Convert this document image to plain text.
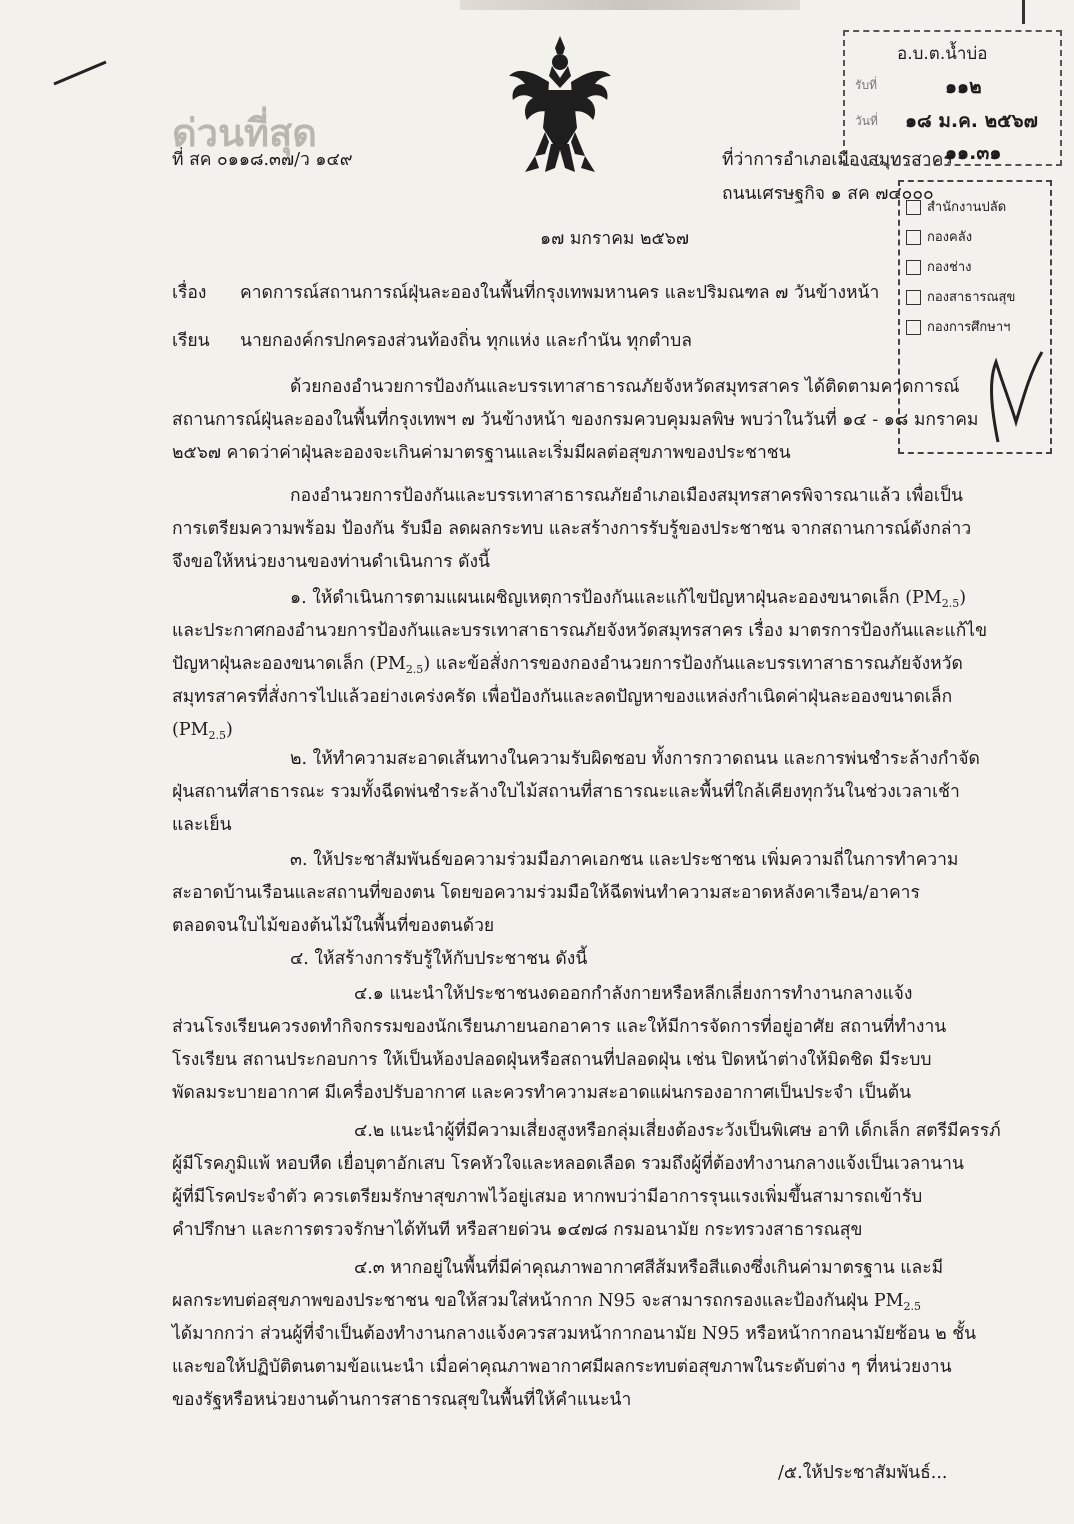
ด่วนที่สุด
ที่ สค ๐๑๑๘.๓๗/ว ๑๔๙	ที่ว่าการอำเภอเมืองสมุทรสาคร
ถนนเศรษฐกิจ ๑ สค ๗๔๐๐๐
๑๗ มกราคม ๒๕๖๗
อ.บ.ต.น้ำบ่อ
รับที่	๑๑๒
วันที่ ๑๘ ม.ค. ๒๕๖๗
๑๑.๓๑
สำนักงานปลัด
กองคลัง
กองช่าง
กองสาธารณสุข
กองการศึกษาฯ
เรื่อง คาดการณ์สถานการณ์ฝุ่นละอองในพื้นที่กรุงเทพมหานคร และปริมณฑล ๗ วันข้างหน้า
เรียน นายกองค์กรปกครองส่วนท้องถิ่น ทุกแห่ง และกำนัน ทุกตำบล
ด้วยกองอำนวยการป้องกันและบรรเทาสาธารณภัยจังหวัดสมุทรสาคร ได้ติดตามคาดการณ์
สถานการณ์ฝุ่นละอองในพื้นที่กรุงเทพฯ ๗ วันข้างหน้า ของกรมควบคุมมลพิษ พบว่าในวันที่ ๑๔ - ๑๘ มกราคม
๒๕๖๗ คาดว่าค่าฝุ่นละอองจะเกินค่ามาตรฐานและเริ่มมีผลต่อสุขภาพของประชาชน
กองอำนวยการป้องกันและบรรเทาสาธารณภัยอำเภอเมืองสมุทรสาครพิจารณาแล้ว เพื่อเป็น
การเตรียมความพร้อม ป้องกัน รับมือ ลดผลกระทบ และสร้างการรับรู้ของประชาชน จากสถานการณ์ดังกล่าว
จึงขอให้หน่วยงานของท่านดำเนินการ ดังนี้
๑. ให้ดำเนินการตามแผนเผชิญเหตุการป้องกันและแก้ไขปัญหาฝุ่นละอองขนาดเล็ก $(PM_{2.5})$
และประกาศกองอำนวยการป้องกันและบรรเทาสาธารณภัยจังหวัดสมุทรสาคร เรื่อง มาตรการป้องกันและแก้ไข
ปัญหาฝุ่นละอองขนาดเล็ก $(PM_{2.5})$ และข้อสั่งการของกองอำนวยการป้องกันและบรรเทาสาธารณภัยจังหวัด
สมุทรสาครที่สั่งการไปแล้วอย่างเคร่งครัด เพื่อป้องกันและลดปัญหาของแหล่งกำเนิดค่าฝุ่นละอองขนาดเล็ก
$(PM_{2.5})$
๒. ให้ทำความสะอาดเส้นทางในความรับผิดชอบ ทั้งการกวาดถนน และการพ่นชำระล้างกำจัด
ฝุ่นสถานที่สาธารณะ รวมทั้งฉีดพ่นชำระล้างใบไม้สถานที่สาธารณะและพื้นที่ใกล้เคียงทุกวันในช่วงเวลาเช้า
และเย็น
๓. ให้ประชาสัมพันธ์ขอความร่วมมือภาคเอกชน และประชาชน เพิ่มความถี่ในการทำความ
สะอาดบ้านเรือนและสถานที่ของตน โดยขอความร่วมมือให้ฉีดพ่นทำความสะอาดหลังคาเรือน/อาคาร
ตลอดจนใบไม้ของต้นไม้ในพื้นที่ของตนด้วย
๔. ให้สร้างการรับรู้ให้กับประชาชน ดังนี้
๔.๑ แนะนำให้ประชาชนงดออกกำลังกายหรือหลีกเลี่ยงการทำงานกลางแจ้ง
ส่วนโรงเรียนควรงดทำกิจกรรมของนักเรียนภายนอกอาคาร และให้มีการจัดการที่อยู่อาศัย สถานที่ทำงาน
โรงเรียน สถานประกอบการ ให้เป็นห้องปลอดฝุ่นหรือสถานที่ปลอดฝุ่น เช่น ปิดหน้าต่างให้มิดชิด มีระบบ
พัดลมระบายอากาศ มีเครื่องปรับอากาศ และควรทำความสะอาดแผ่นกรองอากาศเป็นประจำ เป็นต้น
๔.๒ แนะนำผู้ที่มีความเสี่ยงสูงหรือกลุ่มเสี่ยงต้องระวังเป็นพิเศษ อาทิ เด็กเล็ก สตรีมีครรภ์
ผู้มีโรคภูมิแพ้ หอบหืด เยื่อบุตาอักเสบ โรคหัวใจและหลอดเลือด รวมถึงผู้ที่ต้องทำงานกลางแจ้งเป็นเวลานาน
ผู้ที่มีโรคประจำตัว ควรเตรียมรักษาสุขภาพไว้อยู่เสมอ หากพบว่ามีอาการรุนแรงเพิ่มขึ้นสามารถเข้ารับ
คำปรึกษา และการตรวจรักษาได้ทันที หรือสายด่วน ๑๔๗๘ กรมอนามัย กระทรวงสาธารณสุข
๔.๓ หากอยู่ในพื้นที่มีค่าคุณภาพอากาศสีส้มหรือสีแดงซึ่งเกินค่ามาตรฐาน และมี
ผลกระทบต่อสุขภาพของประชาชน ขอให้สวมใส่หน้ากาก N95 จะสามารถกรองและป้องกันฝุ่น $PM_{2.5}$
ได้มากกว่า ส่วนผู้ที่จำเป็นต้องทำงานกลางแจ้งควรสวมหน้ากากอนามัย N95 หรือหน้ากากอนามัยซ้อน ๒ ชั้น
และขอให้ปฏิบัติตนตามข้อแนะนำ เมื่อค่าคุณภาพอากาศมีผลกระทบต่อสุขภาพในระดับต่าง ๆ ที่หน่วยงาน
ของรัฐหรือหน่วยงานด้านการสาธารณสุขในพื้นที่ให้คำแนะนำ
/๕.ให้ประชาสัมพันธ์...
